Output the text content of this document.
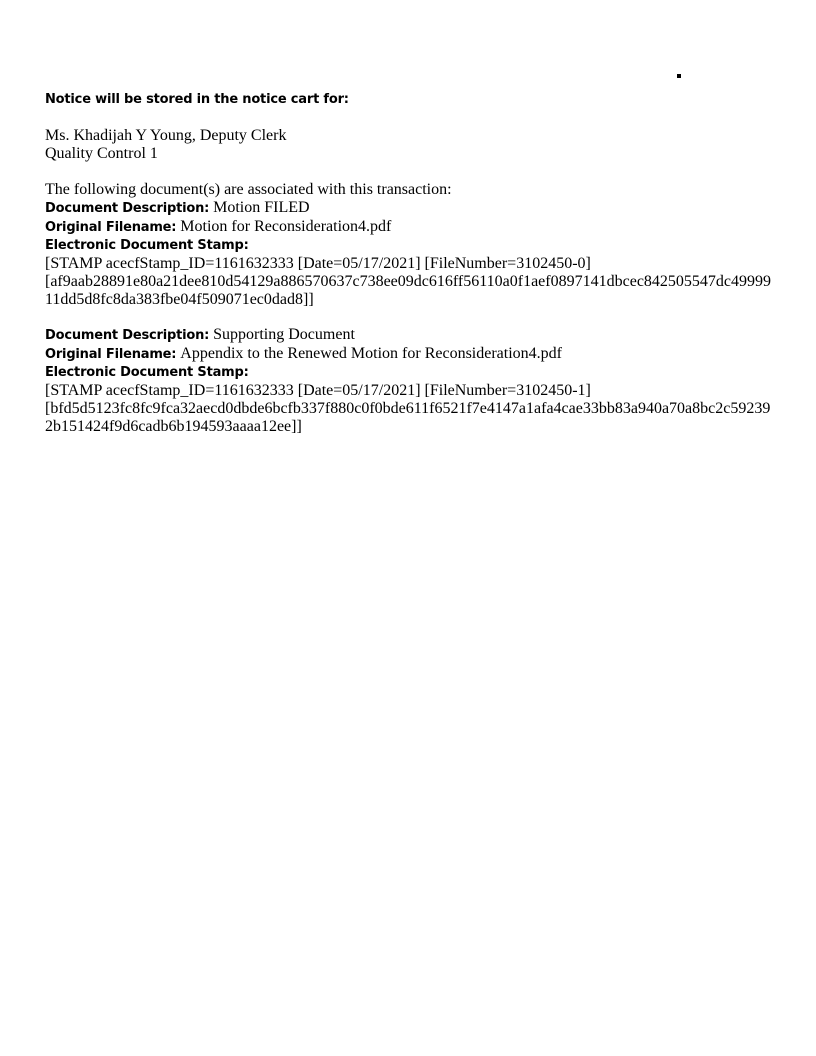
Notice will be stored in the notice cart for:
Ms. Khadijah Y Young, Deputy Clerk
Quality Control 1
The following document(s) are associated with this transaction:
Document Description: Motion FILED
Original Filename: Motion for Reconsideration4.pdf
Electronic Document Stamp:
[STAMP acecfStamp_ID=1161632333 [Date=05/17/2021] [FileNumber=3102450-0]
[af9aab28891e80a21dee810d54129a886570637c738ee09dc616ff56110a0f1aef0897141dbcec842505547dc49999
11dd5d8fc8da383fbe04f509071ec0dad8]]
Document Description: Supporting Document
Original Filename: Appendix to the Renewed Motion for Reconsideration4.pdf
Electronic Document Stamp:
[STAMP acecfStamp_ID=1161632333 [Date=05/17/2021] [FileNumber=3102450-1]
[bfd5d5123fc8fc9fca32aecd0dbde6bcfb337f880c0f0bde611f6521f7e4147a1afa4cae33bb83a940a70a8bc2c59239
2b151424f9d6cadb6b194593aaaa12ee]]
